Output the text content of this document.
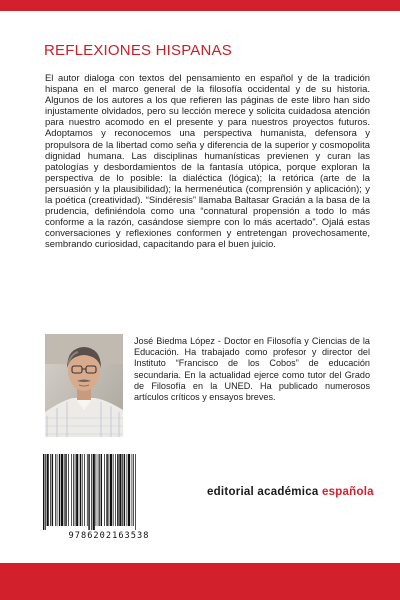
REFLEXIONES HISPANAS
El autor dialoga con textos del pensamiento en español y de la tradición hispana en el marco general de la filosofía occidental y de su historia. Algunos de los autores a los que refieren las páginas de este libro han sido injustamente olvidados, pero su lección merece y solicita cuidadosa atención para nuestro acomodo en el presente y para nuestros proyectos futuros. Adoptamos y reconocemos una perspectiva humanista, defensora y propulsora de la libertad como seña y diferencia de la superior y cosmopolita dignidad humana. Las disciplinas humanísticas previenen y curan las patologías y desbordamientos de la fantasía utópica, porque exploran la perspectiva de lo posible: la dialéctica (lógica); la retórica (arte de la persuasión y la plausibilidad); la hermenéutica (comprensión y aplicación); y la poética (creatividad). “Sindéresis” llamaba Baltasar Gracián a la basa de la prudencia, definiéndola como una “connatural propensión a todo lo más conforme a la razón, casándose siempre con lo más acertado”. Ojalá estas conversaciones y reflexiones conformen y entretengan provechosamente, sembrando curiosidad, capacitando para el buen juicio.
José Biedma López - Doctor en Filosofía y Ciencias de la Educación. Ha trabajado como profesor y director del Instituto “Francisco de los Cobos” de educación secundaria. En la actualidad ejerce como tutor del Grado de Filosofía en la UNED. Ha publicado numerosos artículos críticos y ensayos breves.
9786202163538
editorial académica española
